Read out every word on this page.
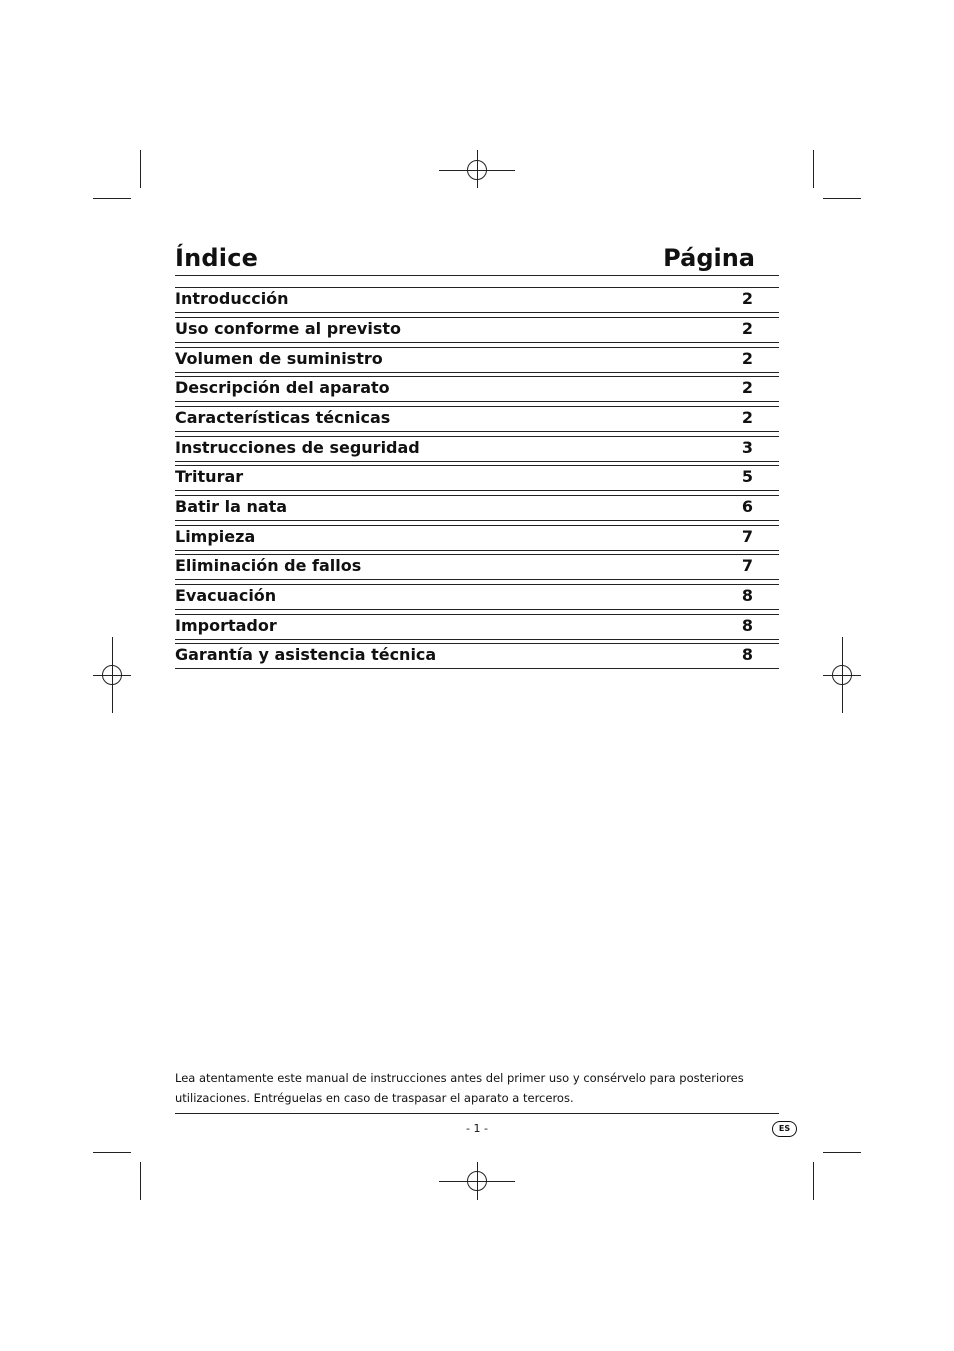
Índice	Página
Introducción	2
Uso conforme al previsto	2
Volumen de suministro	2
Descripción del aparato	2
Características técnicas	2
Instrucciones de seguridad	3
Triturar	5
Batir la nata	6
Limpieza	7
Eliminación de fallos	7
Evacuación	8
Importador	8
Garantía y asistencia técnica	8
Lea atentamente este manual de instrucciones antes del primer uso y consérvelo para posteriores
utilizaciones. Entréguelas en caso de traspasar el aparato a terceros.
- 1 -	ES
